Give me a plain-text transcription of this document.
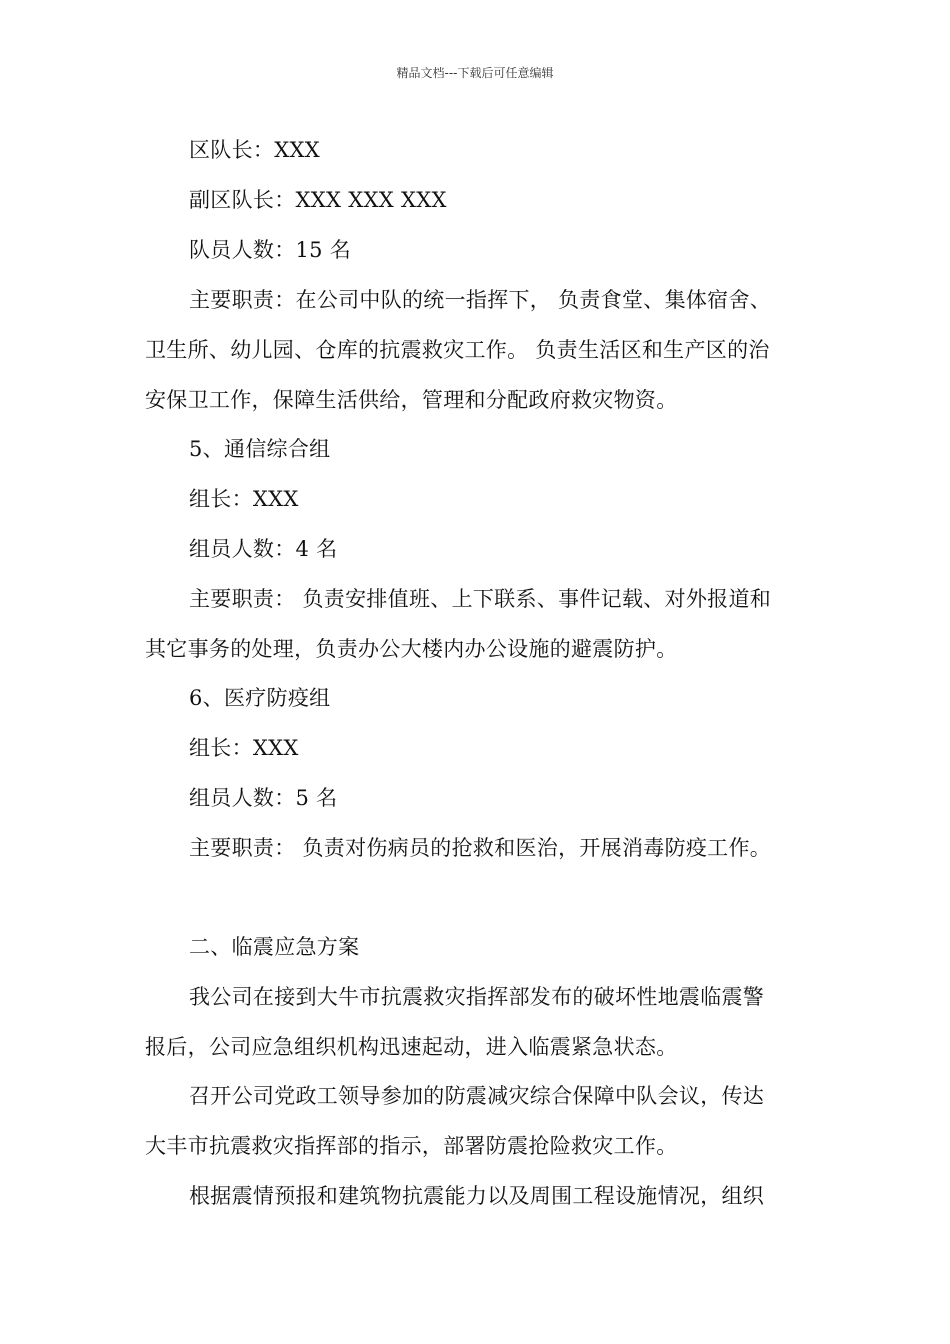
精品文档---下载后可任意编辑
区队长：XXX
副区队长：XXX XXX XXX
队员人数：15 名
主要职责：在公司中队的统一指挥下， 负责食堂、集体宿舍、
卫生所、幼儿园、仓库的抗震救灾工作。 负责生活区和生产区的治
安保卫工作，保障生活供给，管理和分配政府救灾物资。
5、通信综合组
组长：XXX
组员人数：4 名
主要职责： 负责安排值班、上下联系、事件记载、对外报道和
其它事务的处理，负责办公大楼内办公设施的避震防护。
6、医疗防疫组
组长：XXX
组员人数：5 名
主要职责： 负责对伤病员的抢救和医治，开展消毒防疫工作。
二、临震应急方案
我公司在接到大牛市抗震救灾指挥部发布的破坏性地震临震警
报后，公司应急组织机构迅速起动，进入临震紧急状态。
召开公司党政工领导参加的防震减灾综合保障中队会议，传达
大丰市抗震救灾指挥部的指示，部署防震抢险救灾工作。
根据震情预报和建筑物抗震能力以及周围工程设施情况，组织
